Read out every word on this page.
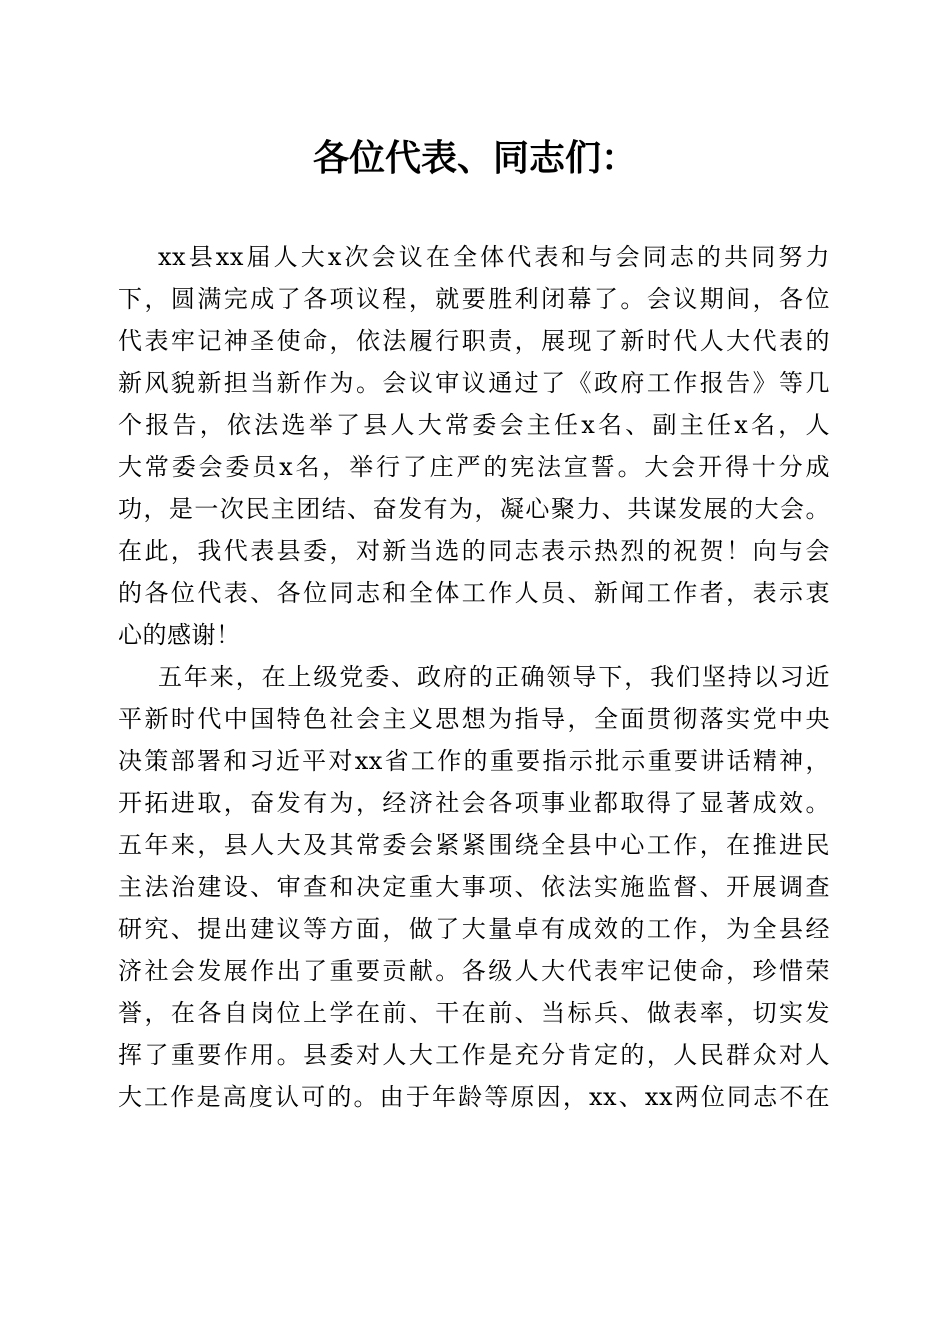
各位代表、同志们：
xx县xx届人大x次会议在全体代表和与会同志的共同努力
下，圆满完成了各项议程，就要胜利闭幕了。会议期间，各位
代表牢记神圣使命，依法履行职责，展现了新时代人大代表的
新风貌新担当新作为。会议审议通过了《政府工作报告》等几
个报告，依法选举了县人大常委会主任x名、副主任x名，人
大常委会委员x名，举行了庄严的宪法宣誓。大会开得十分成
功，是一次民主团结、奋发有为，凝心聚力、共谋发展的大会。
在此，我代表县委，对新当选的同志表示热烈的祝贺！向与会
的各位代表、各位同志和全体工作人员、新闻工作者，表示衷
心的感谢！
五年来，在上级党委、政府的正确领导下，我们坚持以习近
平新时代中国特色社会主义思想为指导，全面贯彻落实党中央
决策部署和习近平对xx省工作的重要指示批示重要讲话精神，
开拓进取，奋发有为，经济社会各项事业都取得了显著成效。
五年来，县人大及其常委会紧紧围绕全县中心工作，在推进民
主法治建设、审查和决定重大事项、依法实施监督、开展调查
研究、提出建议等方面，做了大量卓有成效的工作，为全县经
济社会发展作出了重要贡献。各级人大代表牢记使命，珍惜荣
誉，在各自岗位上学在前、干在前、当标兵、做表率，切实发
挥了重要作用。县委对人大工作是充分肯定的，人民群众对人
大工作是高度认可的。由于年龄等原因，xx、xx两位同志不在
